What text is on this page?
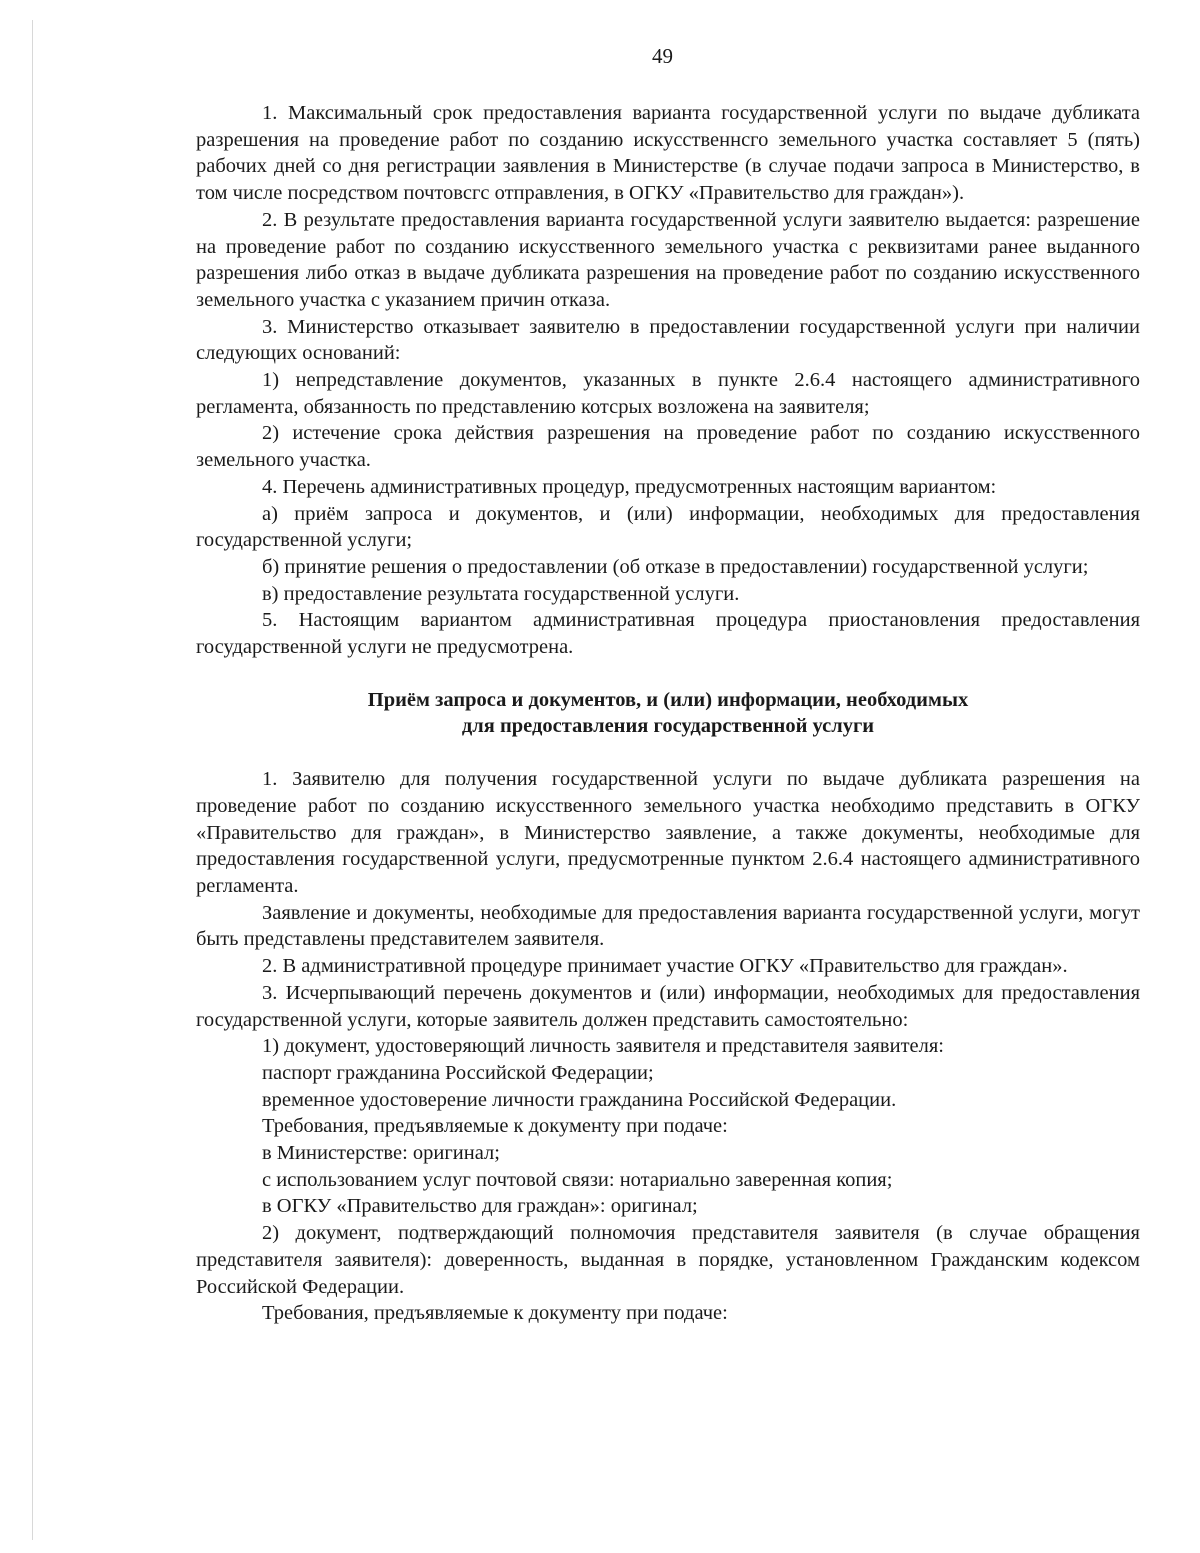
49

1. Максимальный срок предоставления варианта государственной услуги по выдаче дубликата разрешения на проведение работ по созданию искусственнсго земельного участка составляет 5 (пять) рабочих дней со дня регистрации заявления в Министерстве (в случае подачи запроса в Министерство, в том числе посредством почтовсгс отправления, в ОГКУ «Правительство для граждан»).

2. В результате предоставления варианта государственной услуги заявителю выдается: разрешение на проведение работ по созданию искусственного земельного участка с реквизитами ранее выданного разрешения либо отказ в выдаче дубликата разрешения на проведение работ по созданию искусственного земельного участка с указанием причин отказа.

3. Министерство отказывает заявителю в предоставлении государственной услуги при наличии следующих оснований:

1) непредставление документов, указанных в пункте 2.6.4 настоящего административного регламента, обязанность по представлению котсрых возложена на заявителя;

2) истечение срока действия разрешения на проведение работ по созданию искусственного земельного участка.

4. Перечень административных процедур, предусмотренных настоящим вариантом:

а) приём запроса и документов, и (или) информации, необходимых для предоставления государственной услуги;

б) принятие решения о предоставлении (об отказе в предоставлении) государственной услуги;

в) предоставление результата государственной услуги.

5. Настоящим вариантом административная процедура приостановления предоставления государственной услуги не предусмотрена.

Приём запроса и документов, и (или) информации, необходимых
для предоставления государственной услуги

1. Заявителю для получения государственной услуги по выдаче дубликата разрешения на проведение работ по созданию искусственного земельного участка необходимо представить в ОГКУ «Правительство для граждан», в Министерство заявление, а также документы, необходимые для предоставления государственной услуги, предусмотренные пунктом 2.6.4 настоящего административного регламента.

Заявление и документы, необходимые для предоставления варианта государственной услуги, могут быть представлены представителем заявителя.

2. В административной процедуре принимает участие ОГКУ «Правительство для граждан».

3. Исчерпывающий перечень документов и (или) информации, необходимых для предоставления государственной услуги, которые заявитель должен представить самостоятельно:

1) документ, удостоверяющий личность заявителя и представителя заявителя:

паспорт гражданина Российской Федерации;

временное удостоверение личности гражданина Российской Федерации.

Требования, предъявляемые к документу при подаче:

в Министерстве: оригинал;

с использованием услуг почтовой связи: нотариально заверенная копия;

в ОГКУ «Правительство для граждан»: оригинал;

2) документ, подтверждающий полномочия представителя заявителя (в случае обращения представителя заявителя): доверенность, выданная в порядке, установленном Гражданским кодексом Российской Федерации.

Требования, предъявляемые к документу при подаче:
